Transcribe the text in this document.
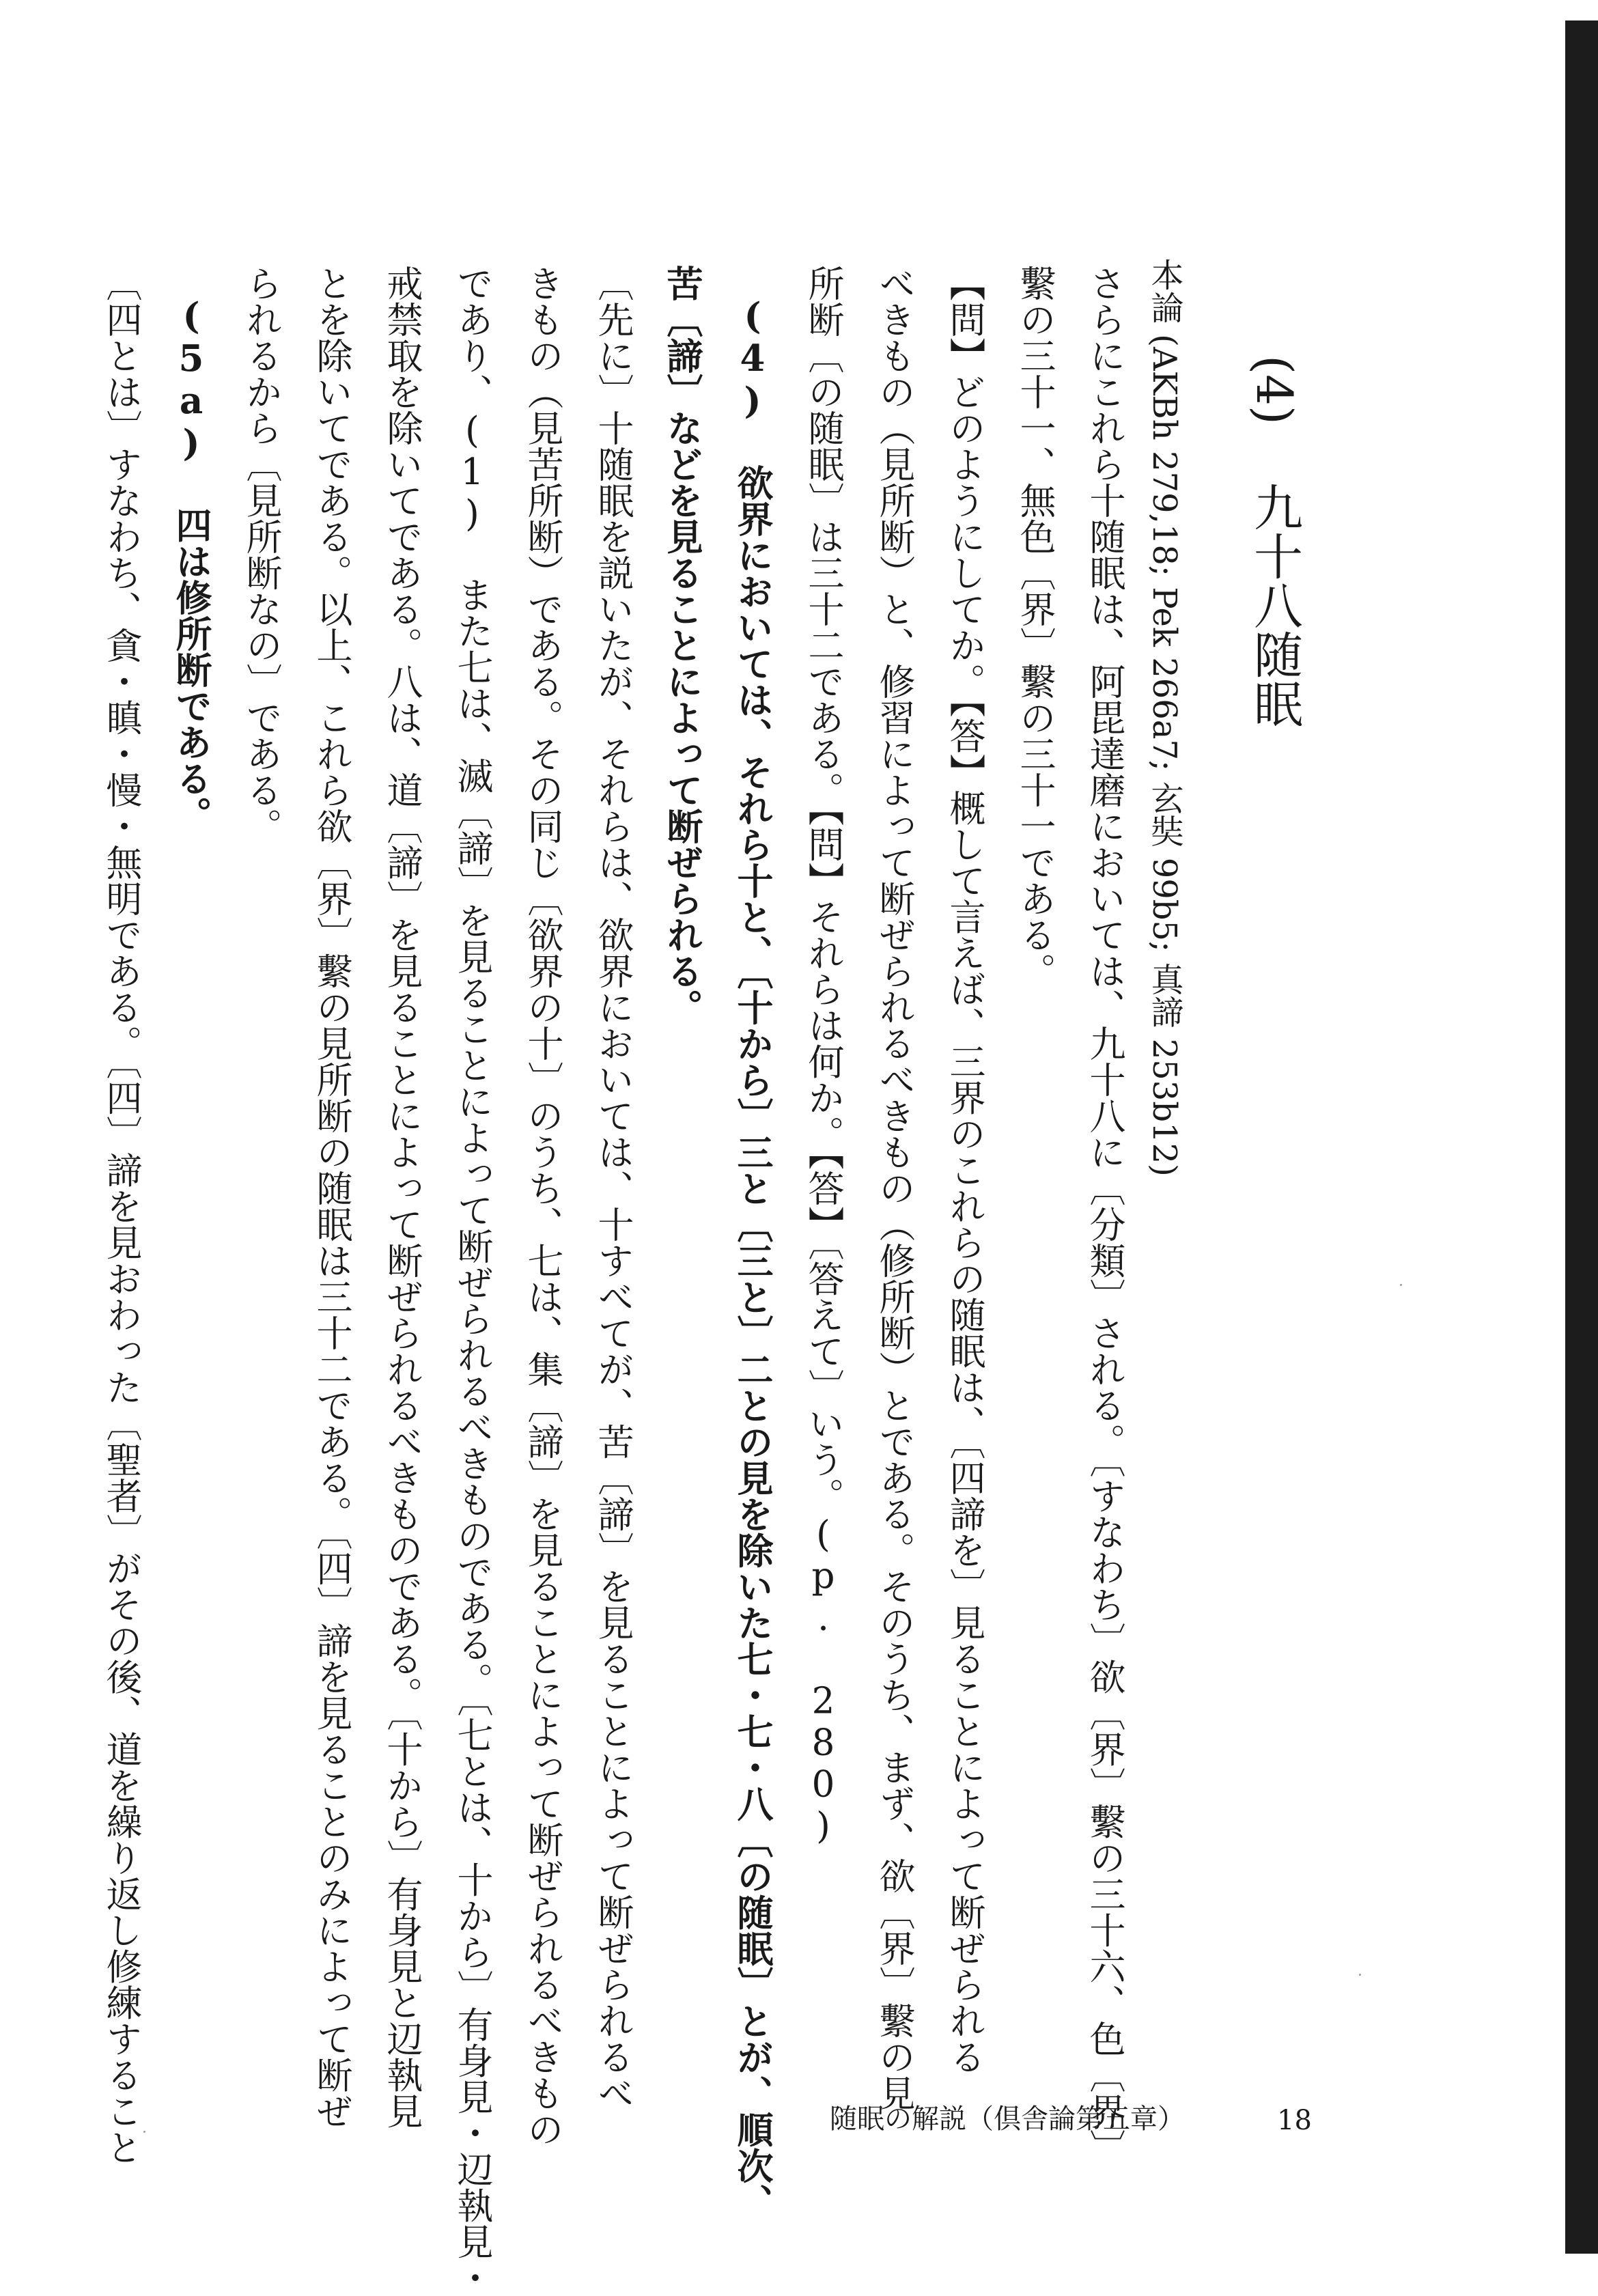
(4) 九十八随眠
本論 (AKBh 279,18; Pek 266a7; 玄奘 99b5; 真諦 253b12)
さらにこれら十随眠は、阿毘達磨においては、九十八に〔分類〕される。〔すなわち〕欲〔界〕繫の三十六、色〔界〕
繫の三十一、無色〔界〕繫の三十一である。
【問】どのようにしてか。【答】概して言えば、三界のこれらの随眠は、〔四諦を〕見ることによって断ぜられる
べきもの（見所断）と、修習によって断ぜられるべきもの（修所断）とである。そのうち、まず、欲〔界〕繫の見
所断〔の随眠〕は三十二である。【問】それらは何か。【答】〔答えて〕いう。(p. 280)
(4) 欲界においては、それら十と、〔十から〕三と〔三と〕二との見を除いた七・七・八〔の随眠〕とが、順次、
苦〔諦〕などを見ることによって断ぜられる。
〔先に〕十随眠を説いたが、それらは、欲界においては、十すべてが、苦〔諦〕を見ることによって断ぜられるべ
きもの（見苦所断）である。その同じ〔欲界の十〕のうち、七は、集〔諦〕を見ることによって断ぜられるべきもの
であり、(1) また七は、滅〔諦〕を見ることによって断ぜられるべきものである。〔七とは、十から〕有身見・辺執見・
戒禁取を除いてである。八は、道〔諦〕を見ることによって断ぜられるべきものである。〔十から〕有身見と辺執見
とを除いてである。以上、これら欲〔界〕繫の見所断の随眠は三十二である。〔四〕諦を見ることのみによって断ぜ
られるから〔見所断なの〕である。
(5a) 四は修所断である。
〔四とは〕すなわち、貪・瞋・慢・無明である。〔四〕諦を見おわった〔聖者〕がその後、道を繰り返し修練すること	随眠の解説（倶舎論第五章）	18
